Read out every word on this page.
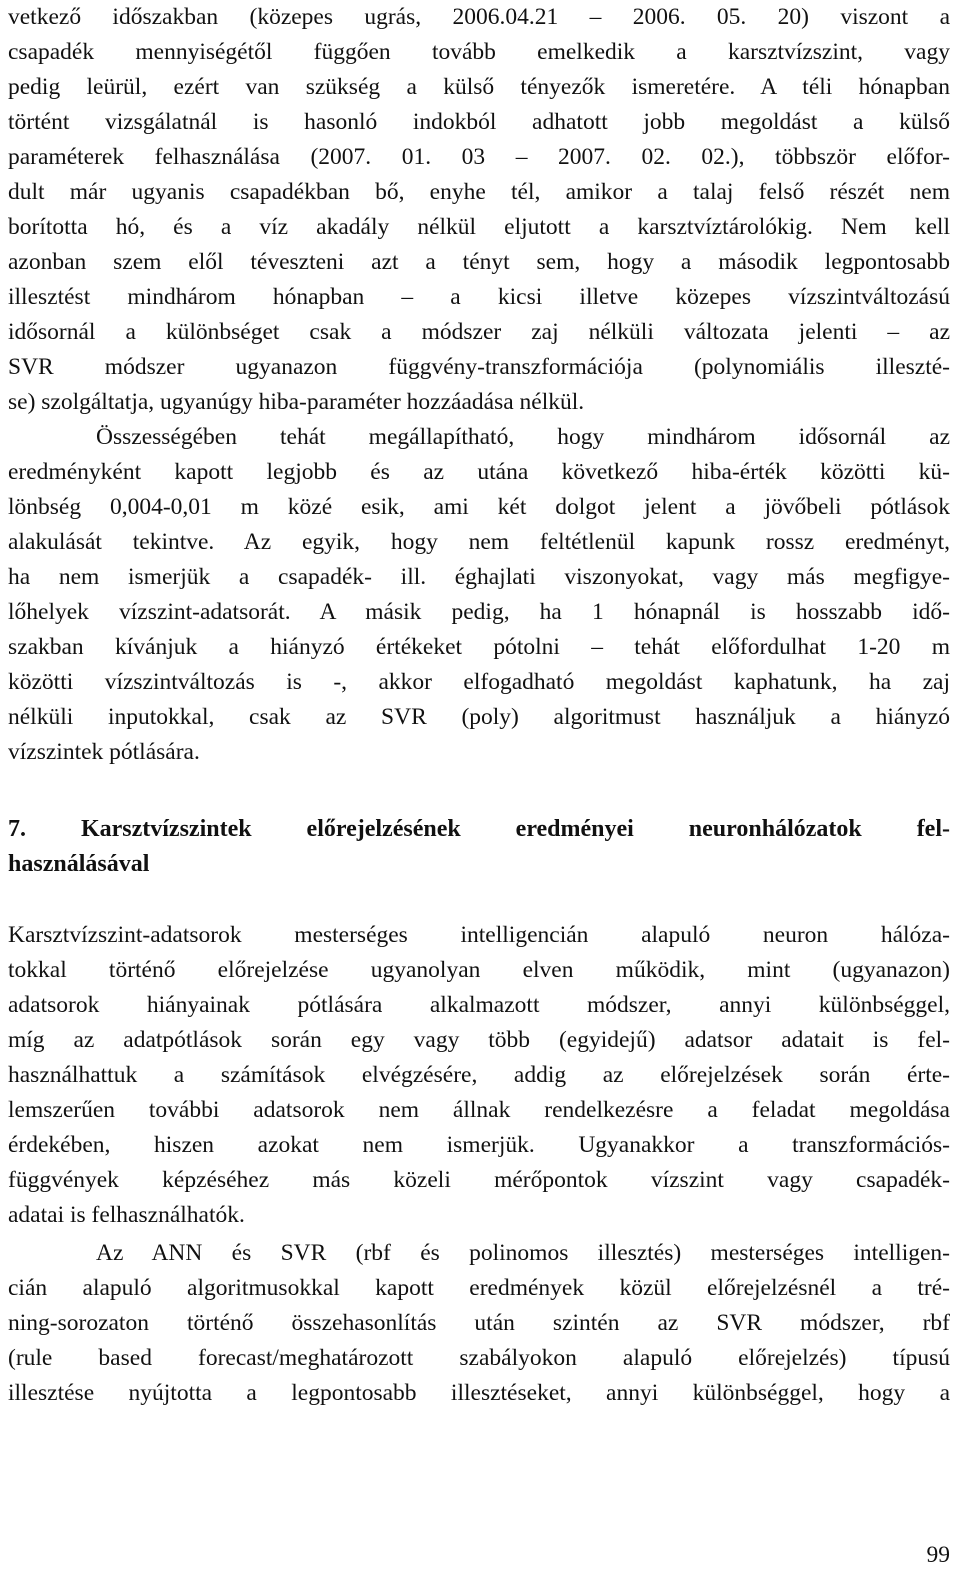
vetkező időszakban (közepes ugrás, 2006.04.21 – 2006. 05. 20) viszont a
csapadék mennyiségétől függően tovább emelkedik a karsztvízszint, vagy
pedig leürül, ezért van szükség a külső tényezők ismeretére. A téli hónapban
történt vizsgálatnál is hasonló indokból adhatott jobb megoldást a külső
paraméterek felhasználása (2007. 01. 03 – 2007. 02. 02.), többször előfor-
dult már ugyanis csapadékban bő, enyhe tél, amikor a talaj felső részét nem
borította hó, és a víz akadály nélkül eljutott a karsztvíztárolókig. Nem kell
azonban szem elől téveszteni azt a tényt sem, hogy a második legpontosabb
illesztést mindhárom hónapban – a kicsi illetve közepes vízszintváltozású
idősornál a különbséget csak a módszer zaj nélküli változata jelenti – az
SVR módszer ugyanazon függvény-transzformációja (polynomiális illeszté-
se) szolgáltatja, ugyanúgy hiba-paraméter hozzáadása nélkül.
Összességében tehát megállapítható, hogy mindhárom idősornál az
eredményként kapott legjobb és az utána következő hiba-érték közötti kü-
lönbség 0,004-0,01 m közé esik, ami két dolgot jelent a jövőbeli pótlások
alakulását tekintve. Az egyik, hogy nem feltétlenül kapunk rossz eredményt,
ha nem ismerjük a csapadék- ill. éghajlati viszonyokat, vagy más megfigye-
lőhelyek vízszint-adatsorát. A másik pedig, ha 1 hónapnál is hosszabb idő-
szakban kívánjuk a hiányzó értékeket pótolni – tehát előfordulhat 1-20 m
közötti vízszintváltozás is -, akkor elfogadható megoldást kaphatunk, ha zaj
nélküli inputokkal, csak az SVR (poly) algoritmust használjuk a hiányzó
vízszintek pótlására.
7. Karsztvízszintek előrejelzésének eredményei neuronhálózatok fel-
használásával
Karsztvízszint-adatsorok mesterséges intelligencián alapuló neuron hálóza-
tokkal történő előrejelzése ugyanolyan elven működik, mint (ugyanazon)
adatsorok hiányainak pótlására alkalmazott módszer, annyi különbséggel,
míg az adatpótlások során egy vagy több (egyidejű) adatsor adatait is fel-
használhattuk a számítások elvégzésére, addig az előrejelzések során érte-
lemszerűen további adatsorok nem állnak rendelkezésre a feladat megoldása
érdekében, hiszen azokat nem ismerjük. Ugyanakkor a transzformációs-
függvények képzéséhez más közeli mérőpontok vízszint vagy csapadék-
adatai is felhasználhatók.
Az ANN és SVR (rbf és polinomos illesztés) mesterséges intelligen-
cián alapuló algoritmusokkal kapott eredmények közül előrejelzésnél a tré-
ning-sorozaton történő összehasonlítás után szintén az SVR módszer, rbf
(rule based forecast/meghatározott szabályokon alapuló előrejelzés) típusú
illesztése nyújtotta a legpontosabb illesztéseket, annyi különbséggel, hogy a
99
